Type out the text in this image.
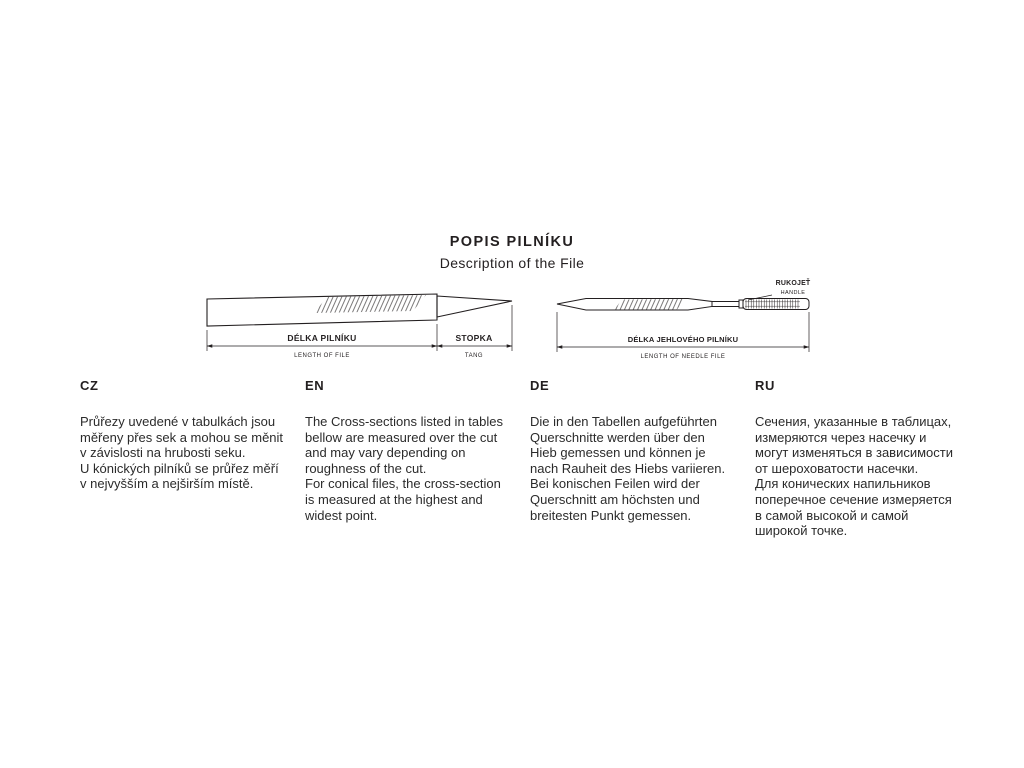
POPIS PILNÍKU
Description of the File
DÉLKA PILNÍKU
LENGTH OF FILE
STOPKA
TANG
RUKOJEŤ
HANDLE
DÉLKA JEHLOVÉHO PILNÍKU
LENGTH OF NEEDLE FILE
CZ

Průřezy uvedené v tabulkách jsou měřeny přes sek a mohou se měnit v závislosti na hrubosti seku.

U kónických pilníků se průřez měří v nejvyšším a nejširším místě.

EN

The Cross-sections listed in tables bellow are measured over the cut and may vary depending on roughness of the cut.

For conical files, the cross-section is measured at the highest and widest point.

DE

Die in den Tabellen aufgeführten Querschnitte werden über den Hieb gemessen und können je nach Rauheit des Hiebs variieren.

Bei konischen Feilen wird der Querschnitt am höchsten und breitesten Punkt gemessen.

RU

Сечения, указанные в таблицах, измеряются через насечку и могут изменяться в зависимости от шероховатости насечки.

Для конических напильников поперечное сечение измеряется в самой высокой и самой широкой точке.
